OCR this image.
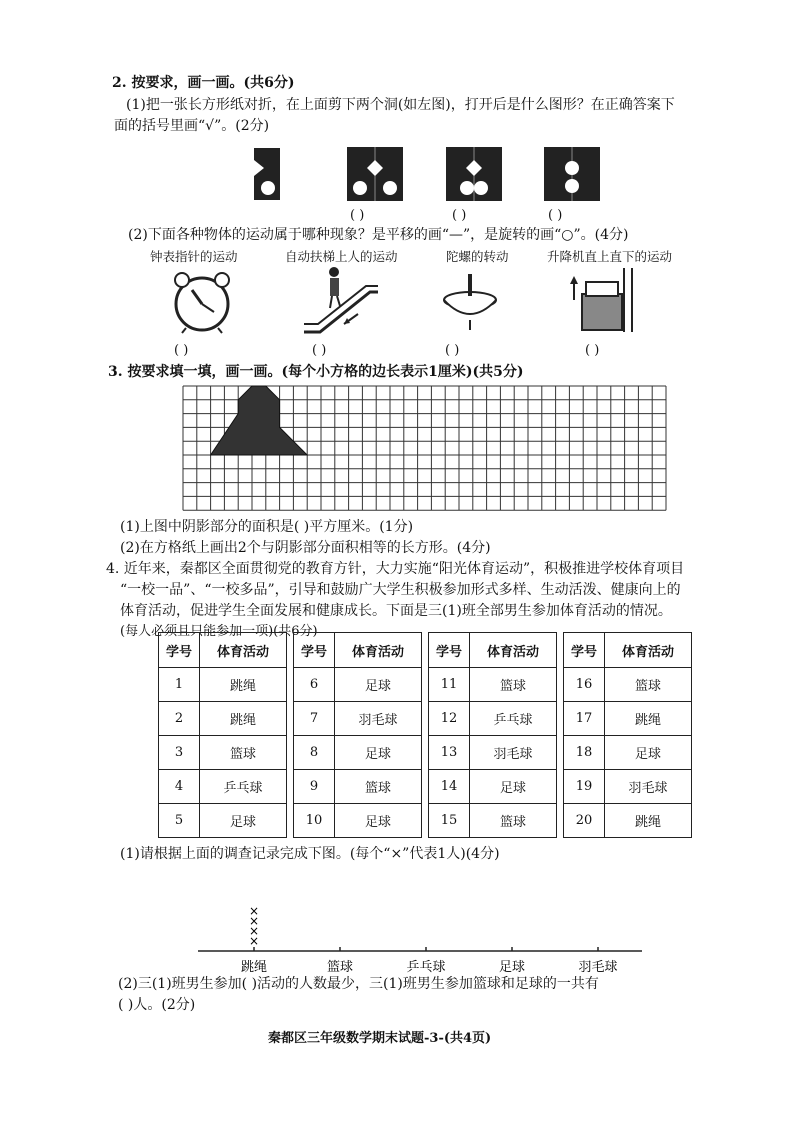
2. 按要求，画一画。(共6分)
(1)把一张长方形纸对折，在上面剪下两个洞(如左图)，打开后是什么图形？在正确答案下
面的括号里画“√”。(2分)
( )	( )	( )
(2)下面各种物体的运动属于哪种现象？是平移的画“—”，是旋转的画“○”。(4分)
钟表指针的运动	自动扶梯上人的运动	陀螺的转动	升降机直上直下的运动
( )	( )	( )	( )
3. 按要求填一填，画一画。(每个小方格的边长表示1厘米)(共5分)
(1)上图中阴影部分的面积是( )平方厘米。(1分)
(2)在方格纸上画出2个与阴影部分面积相等的长方形。(4分)
4. 近年来，秦都区全面贯彻党的教育方针，大力实施“阳光体育运动”，积极推进学校体育项目
“一校一品”、“一校多品”，引导和鼓励广大学生积极参加形式多样、生动活泼、健康向上的
体育活动，促进学生全面发展和健康成长。下面是三(1)班全部男生参加体育活动的情况。
(每人必须且只能参加一项)(共6分)
学号	体育活动		学号	体育活动		学号	体育活动		学号	体育活动
1	跳绳		6	足球		11	篮球		16	篮球
2	跳绳		7	羽毛球		12	乒乓球		17	跳绳
3	篮球		8	足球		13	羽毛球		18	足球
4	乒乓球		9	篮球		14	足球		19	羽毛球
5	足球		10	足球		15	篮球		20	跳绳
(1)请根据上面的调查记录完成下图。(每个“×”代表1人)(4分)
跳绳
×
×
×
×
篮球	乒乓球	足球	羽毛球
(2)三(1)班男生参加( )活动的人数最少，三(1)班男生参加篮球和足球的一共有
( )人。(2分)
秦都区三年级数学期末试题-3-(共4页)
